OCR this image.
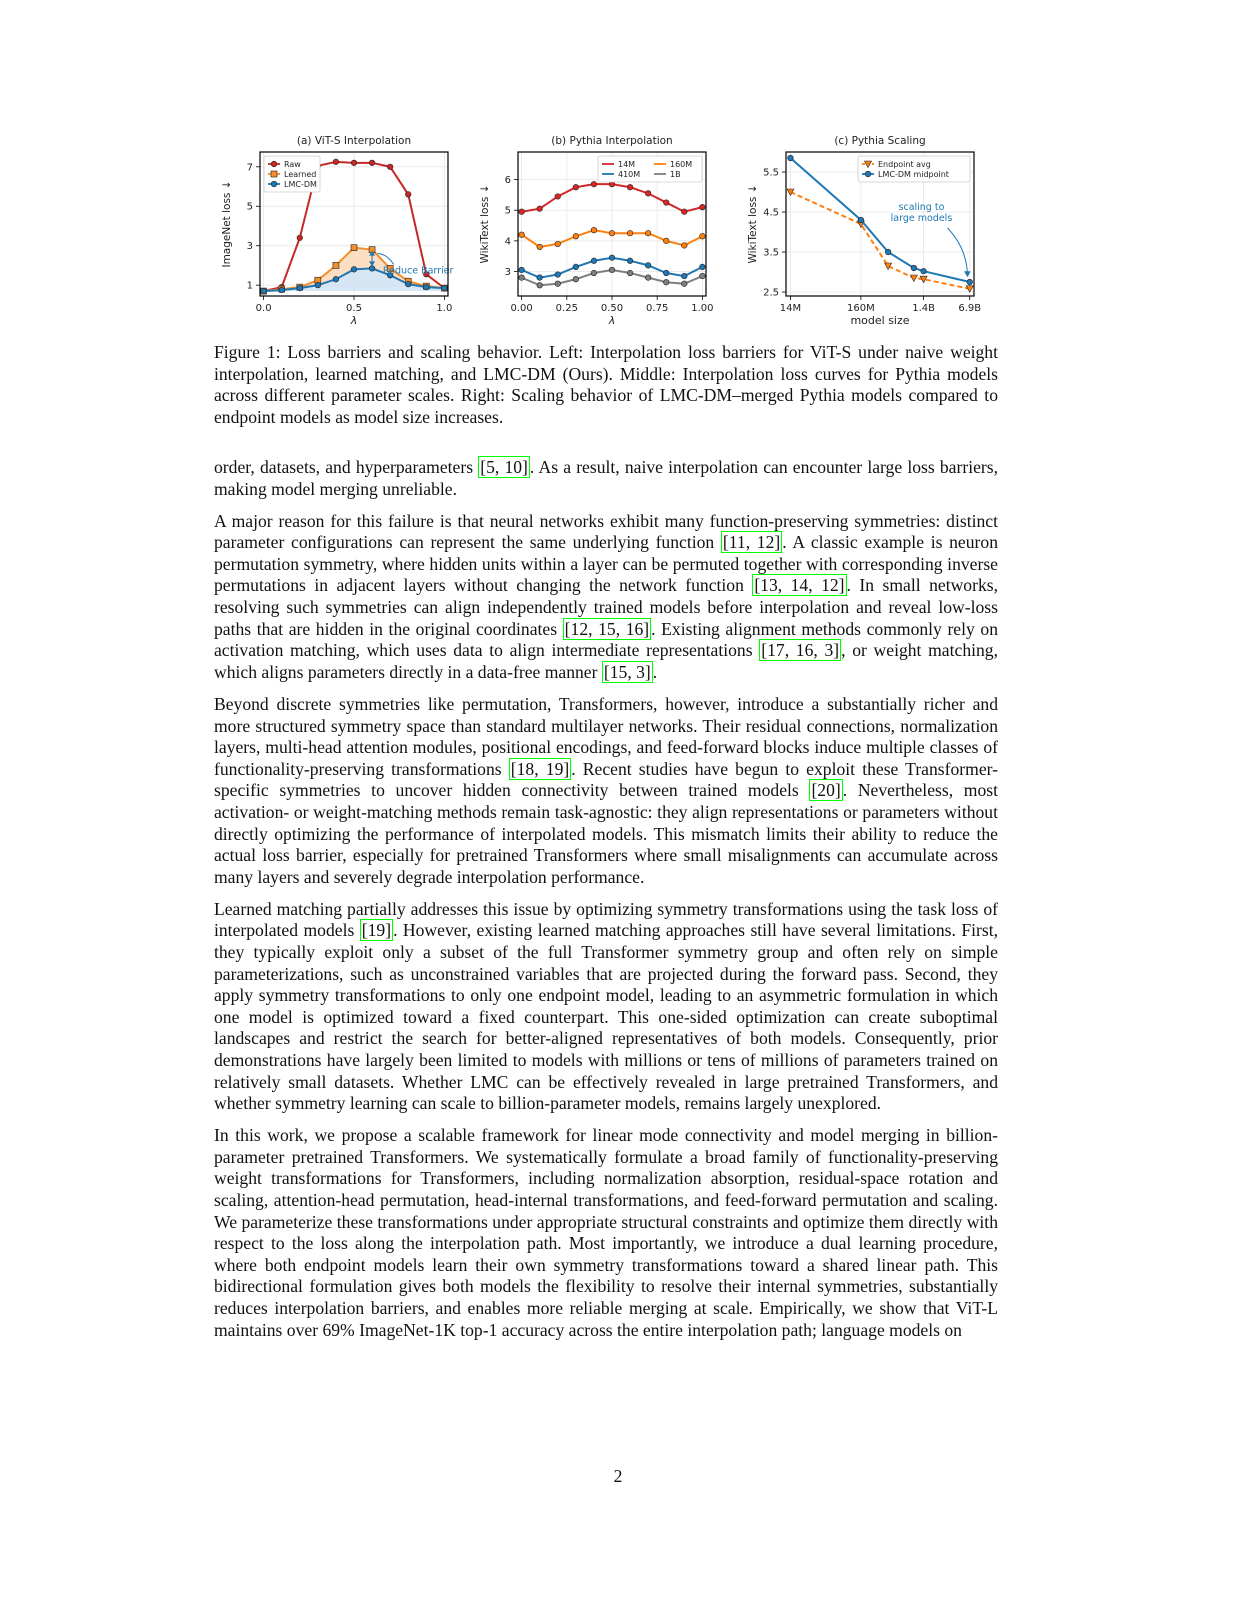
(a) ViT-S Interpolation
Reduce Barrier
1
3
5
7
0.0	0.5	1.0
λ
ImageNet loss ↓
Raw
Learned
LMC-DM
(b) Pythia Interpolation
3
4
5
6
0.00 0.25 0.50 0.75 1.00
λ
WikiText loss ↓
14M	160M
410M	1B
(c) Pythia Scaling
scaling to
large models
2.5
3.5
4.5
5.5
14M	160M	1.4B 6.9B
model size
WikiText loss ↓
Endpoint avg
LMC-DM midpoint

Figure 1: Loss barriers and scaling behavior. Left: Interpolation loss barriers for ViT-S under naive weight interpolation, learned matching, and LMC-DM (Ours). Middle: Interpolation loss curves for Pythia models across different parameter scales. Right: Scaling behavior of LMC-DM–merged Pythia models compared to endpoint models as model size increases.

order, datasets, and hyperparameters [5, 10] . As a result, naive interpolation can encounter large loss barriers, making model merging unreliable.

A major reason for this failure is that neural networks exhibit many function-preserving symmetries: distinct parameter configurations can represent the same underlying function [11, 12] . A classic example is neuron permutation symmetry, where hidden units within a layer can be permuted together with corresponding inverse permutations in adjacent layers without changing the network function [13, 14, 12] . In small networks, resolving such symmetries can align independently trained models before interpolation and reveal low-loss paths that are hidden in the original coordinates [12, 15, 16] . Existing alignment methods commonly rely on activation matching, which uses data to align intermediate representations [17, 16, 3] , or weight matching, which aligns parameters directly in a data-free manner [15, 3] .

Beyond discrete symmetries like permutation, Transformers, however, introduce a substantially richer and more structured symmetry space than standard multilayer networks. Their residual connections, normalization layers, multi-head attention modules, positional encodings, and feed-forward blocks induce multiple classes of functionality-preserving transformations [18, 19] . Recent studies have begun to exploit these Transformer-specific symmetries to uncover hidden connectivity between trained models [20] . Nevertheless, most activation- or weight-matching methods remain task-agnostic: they align representations or parameters without directly optimizing the performance of interpolated models. This mismatch limits their ability to reduce the actual loss barrier, especially for pretrained Transformers where small misalignments can accumulate across many layers and severely degrade interpolation performance.

Learned matching partially addresses this issue by optimizing symmetry transformations using the task loss of interpolated models [19] . However, existing learned matching approaches still have several limitations. First, they typically exploit only a subset of the full Transformer symmetry group and often rely on simple parameterizations, such as unconstrained variables that are projected during the forward pass. Second, they apply symmetry transformations to only one endpoint model, leading to an asymmetric formulation in which one model is optimized toward a fixed counterpart. This one-sided optimization can create suboptimal landscapes and restrict the search for better-aligned representatives of both models. Consequently, prior demonstrations have largely been limited to models with millions or tens of millions of parameters trained on relatively small datasets. Whether LMC can be effectively revealed in large pretrained Transformers, and whether symmetry learning can scale to billion-parameter models, remains largely unexplored.

In this work, we propose a scalable framework for linear mode connectivity and model merging in billion-parameter pretrained Transformers. We systematically formulate a broad family of functionality-preserving weight transformations for Transformers, including normalization absorption, residual-space rotation and scaling, attention-head permutation, head-internal transformations, and feed-forward permutation and scaling. We parameterize these transformations under appropriate structural constraints and optimize them directly with respect to the loss along the interpolation path. Most importantly, we introduce a dual learning procedure, where both endpoint models learn their own symmetry transformations toward a shared linear path. This bidirectional formulation gives both models the flexibility to resolve their internal symmetries, substantially reduces interpolation barriers, and enables more reliable merging at scale. Empirically, we show that ViT-L maintains over 69% ImageNet-1K top-1 accuracy across the entire interpolation path; language models on

2
